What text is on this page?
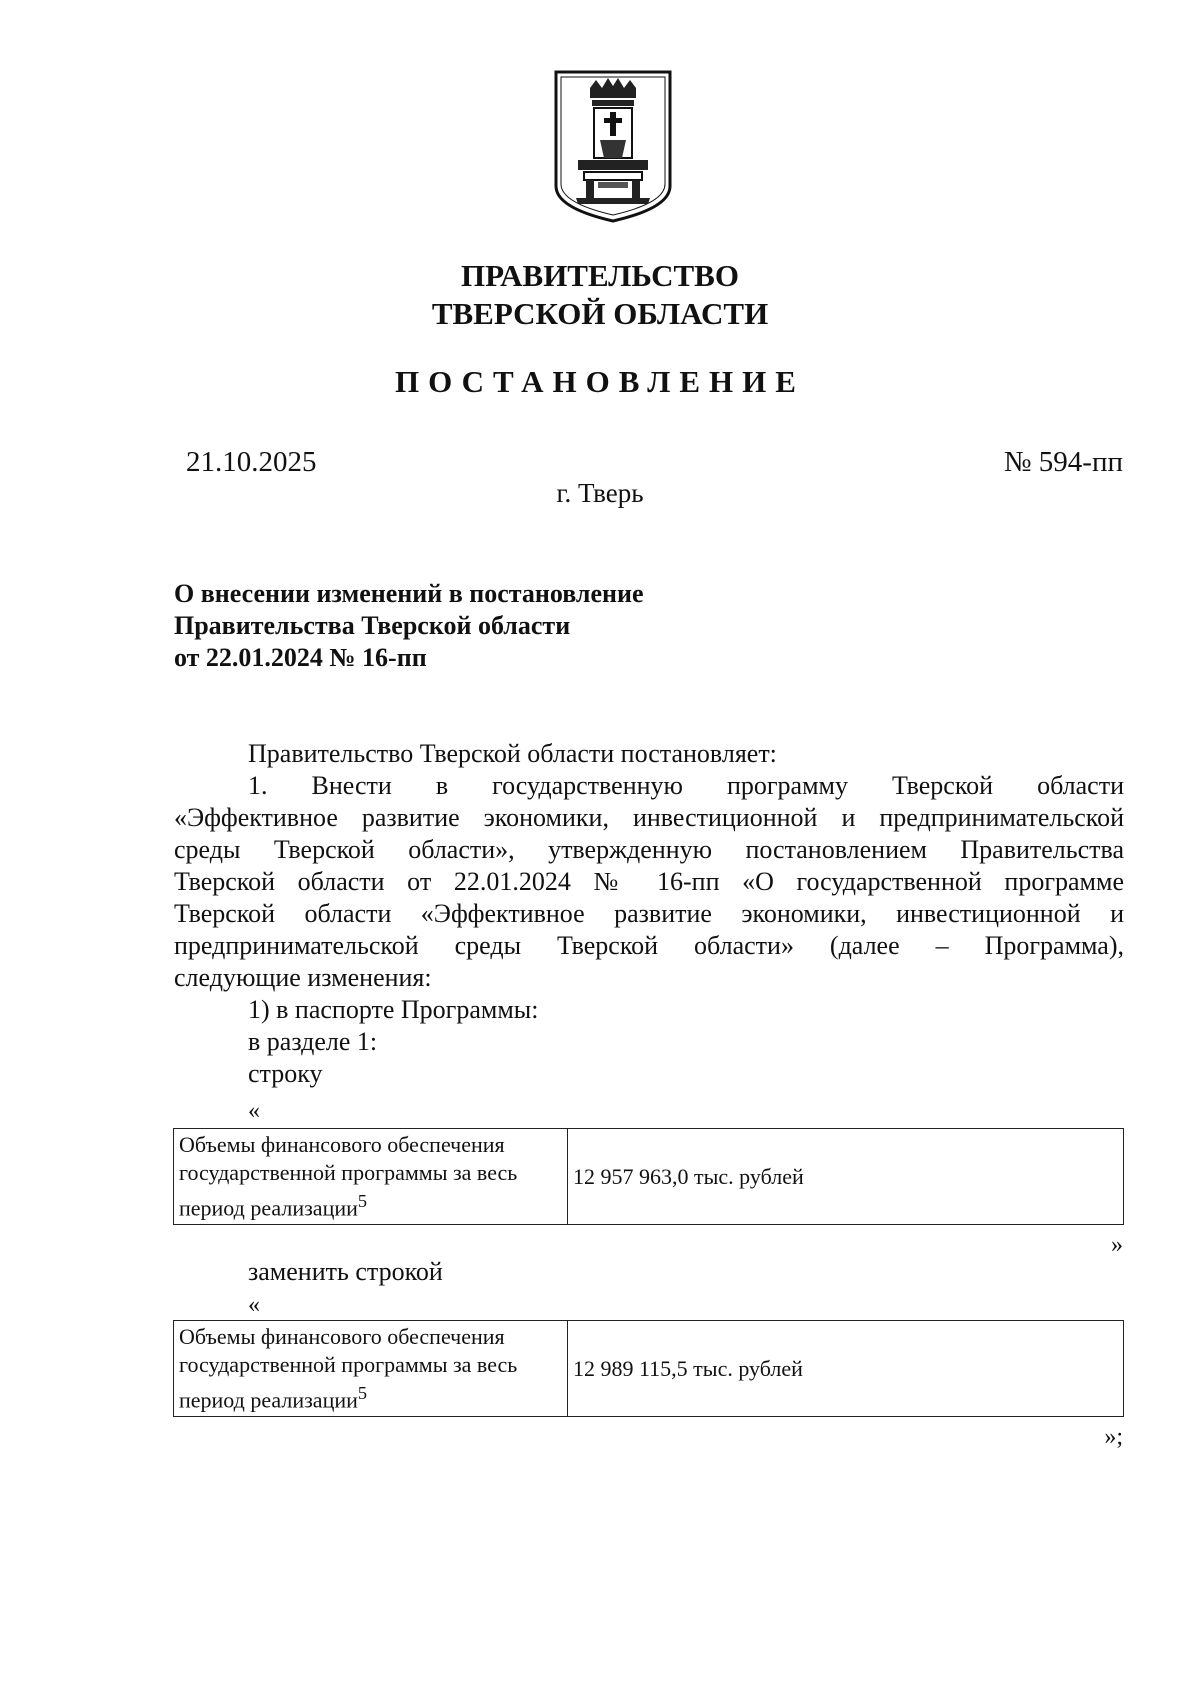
ПРАВИТЕЛЬСТВО
ТВЕРСКОЙ ОБЛАСТИ
ПОСТАНОВЛЕНИЕ
21.10.2025	№ 594-пп
г. Тверь
О внесении изменений в постановление
Правительства Тверской области
от 22.01.2024 № 16-пп
Правительство Тверской области постановляет:
1. Внести в государственную программу Тверской области
«Эффективное развитие экономики, инвестиционной и предпринимательской
среды Тверской области», утвержденную постановлением Правительства
Тверской области от 22.01.2024 № 16-пп «О государственной программе
Тверской области «Эффективное развитие экономики, инвестиционной и
предпринимательской среды Тверской области» (далее – Программа),
следующие изменения:
1) в паспорте Программы:
в разделе 1:
строку
«
Объемы финансового обеспечения государственной программы за весь период реализации$^5$	12 957 963,0 тыс. рублей
»
заменить строкой
«
Объемы финансового обеспечения государственной программы за весь период реализации$^5$	12 989 115,5 тыс. рублей
»;
